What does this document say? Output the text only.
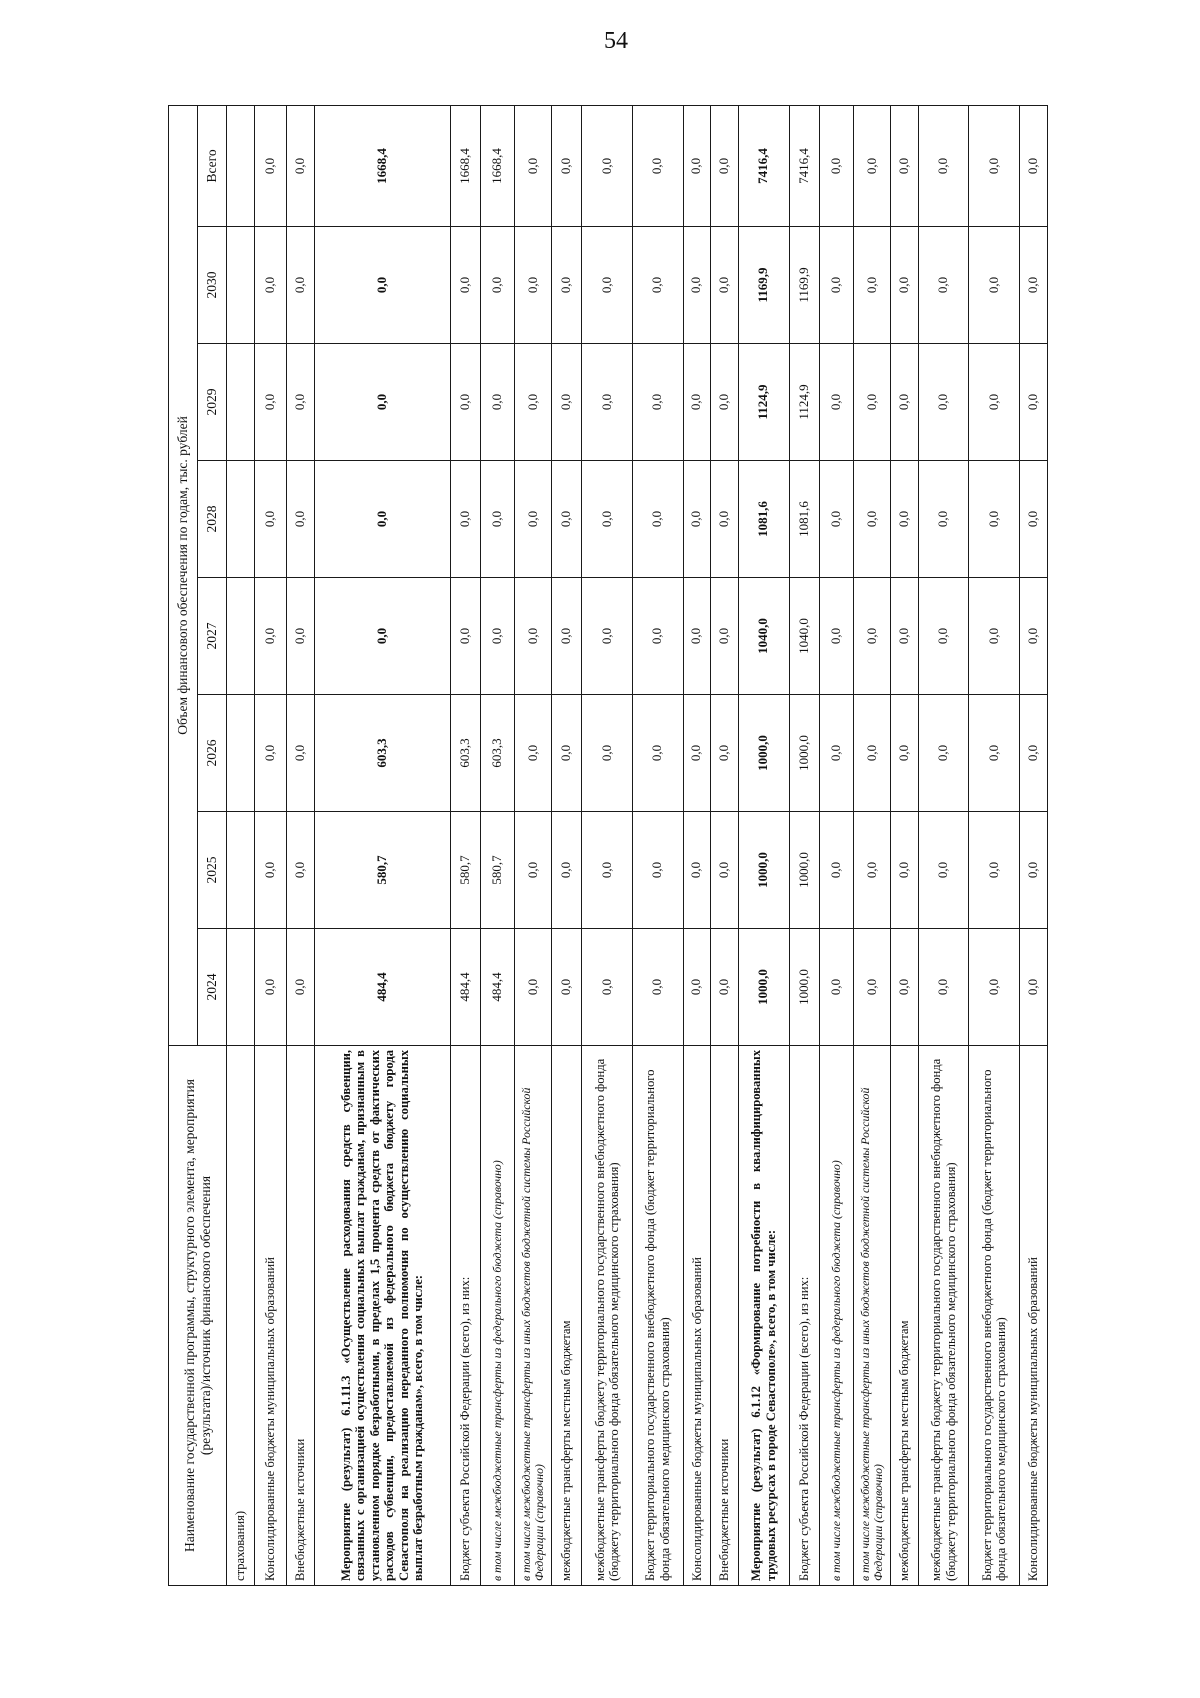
54
Наименование государственной программы, структурного элемента, мероприятия (результата)/источник финансового обеспечения	Объем финансового обеспечения по годам, тыс. рублей							
	2024	2025	2026	2027	2028	2029	2030	Всего
страхования)								
Консолидированные бюджеты муниципальных образований	0,0	0,0	0,0	0,0	0,0	0,0	0,0	0,0
Внебюджетные источники	0,0	0,0	0,0	0,0	0,0	0,0	0,0	0,0
Мероприятие (результат) 6.1.11.3 «Осуществление расходования средств субвенции, связанных с организацией осуществления социальных выплат гражданам, признанным в установленном порядке безработными, в пределах 1,5 процента средств от фактических расходов субвенции, предоставляемой из федерального бюджета бюджету города Севастополя на реализацию переданного полномочия по осуществлению социальных выплат безработным гражданам», всего, в том числе:	484,4	580,7	603,3	0,0	0,0	0,0	0,0	1668,4
Бюджет субъекта Российской Федерации (всего), из них:	484,4	580,7	603,3	0,0	0,0	0,0	0,0	1668,4
в том числе межбюджетные трансферты из федерального бюджета (справочно)	484,4	580,7	603,3	0,0	0,0	0,0	0,0	1668,4
в том числе межбюджетные трансферты из иных бюджетов бюджетной системы Российской Федерации (справочно)	0,0	0,0	0,0	0,0	0,0	0,0	0,0	0,0
межбюджетные трансферты местным бюджетам	0,0	0,0	0,0	0,0	0,0	0,0	0,0	0,0
межбюджетные трансферты бюджету территориального государственного внебюджетного фонда (бюджету территориального фонда обязательного медицинского страхования)	0,0	0,0	0,0	0,0	0,0	0,0	0,0	0,0
Бюджет территориального государственного внебюджетного фонда (бюджет территориального фонда обязательного медицинского страхования)	0,0	0,0	0,0	0,0	0,0	0,0	0,0	0,0
Консолидированные бюджеты муниципальных образований	0,0	0,0	0,0	0,0	0,0	0,0	0,0	0,0
Внебюджетные источники	0,0	0,0	0,0	0,0	0,0	0,0	0,0	0,0
Мероприятие (результат) 6.1.12 «Формирование потребности в квалифицированных трудовых ресурсах в городе Севастополе», всего, в том числе:	1000,0	1000,0	1000,0	1040,0	1081,6	1124,9	1169,9	7416,4
Бюджет субъекта Российской Федерации (всего), из них:	1000,0	1000,0	1000,0	1040,0	1081,6	1124,9	1169,9	7416,4
в том числе межбюджетные трансферты из федерального бюджета (справочно)	0,0	0,0	0,0	0,0	0,0	0,0	0,0	0,0
в том числе межбюджетные трансферты из иных бюджетов бюджетной системы Российской Федерации (справочно)	0,0	0,0	0,0	0,0	0,0	0,0	0,0	0,0
межбюджетные трансферты местным бюджетам	0,0	0,0	0,0	0,0	0,0	0,0	0,0	0,0
межбюджетные трансферты бюджету территориального государственного внебюджетного фонда (бюджету территориального фонда обязательного медицинского страхования)	0,0	0,0	0,0	0,0	0,0	0,0	0,0	0,0
Бюджет территориального государственного внебюджетного фонда (бюджет территориального фонда обязательного медицинского страхования)	0,0	0,0	0,0	0,0	0,0	0,0	0,0	0,0
Консолидированные бюджеты муниципальных образований	0,0	0,0	0,0	0,0	0,0	0,0	0,0	0,0
